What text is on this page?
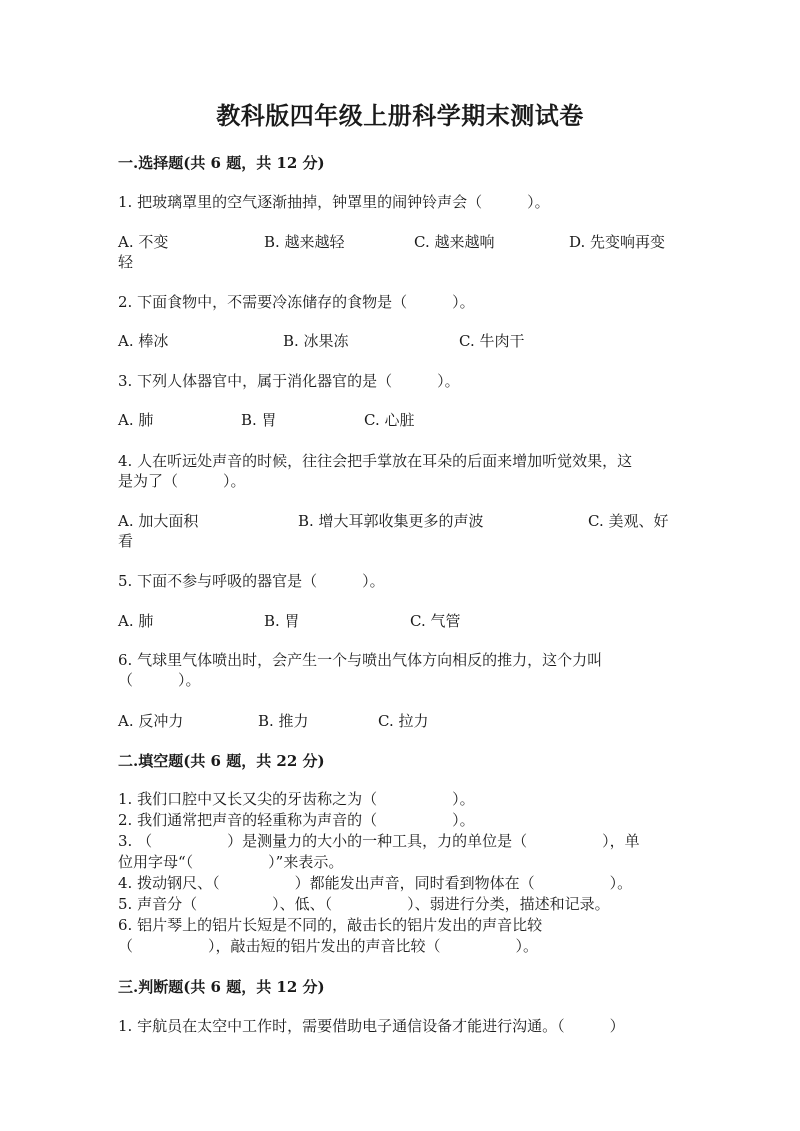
教科版四年级上册科学期末测试卷
一.选择题(共 6 题，共 12 分)
1. 把玻璃罩里的空气逐渐抽掉，钟罩里的闹钟铃声会（　　　）。
A. 不变	B. 越来越轻	C. 越来越响	D. 先变响再变
轻
2. 下面食物中，不需要冷冻储存的食物是（　　　）。
A. 棒冰	B. 冰果冻	C. 牛肉干
3. 下列人体器官中，属于消化器官的是（　　　）。
A. 肺	B. 胃	C. 心脏
4. 人在听远处声音的时候，往往会把手掌放在耳朵的后面来增加听觉效果，这
是为了（　　　）。
A. 加大面积	B. 增大耳郭收集更多的声波	C. 美观、好
看
5. 下面不参与呼吸的器官是（　　　）。
A. 肺	B. 胃	C. 气管
6. 气球里气体喷出时，会产生一个与喷出气体方向相反的推力，这个力叫
（　　　）。
A. 反冲力	B. 推力	C. 拉力
二.填空题(共 6 题，共 22 分)
1. 我们口腔中又长又尖的牙齿称之为（　　　　　）。
2. 我们通常把声音的轻重称为声音的（　　　　　）。
3. （　　　　　）是测量力的大小的一种工具，力的单位是（　　　　　），单
位用字母“（　　　　　）”来表示。
4. 拨动钢尺、（　　　　　）都能发出声音，同时看到物体在（　　　　　）。
5. 声音分（　　　　　）、低、（　　　　　）、弱进行分类，描述和记录。
6. 铝片琴上的铝片长短是不同的，敲击长的铝片发出的声音比较
（　　　　　），敲击短的铝片发出的声音比较（　　　　　）。
三.判断题(共 6 题，共 12 分)
1. 宇航员在太空中工作时，需要借助电子通信设备才能进行沟通。（　　　）
